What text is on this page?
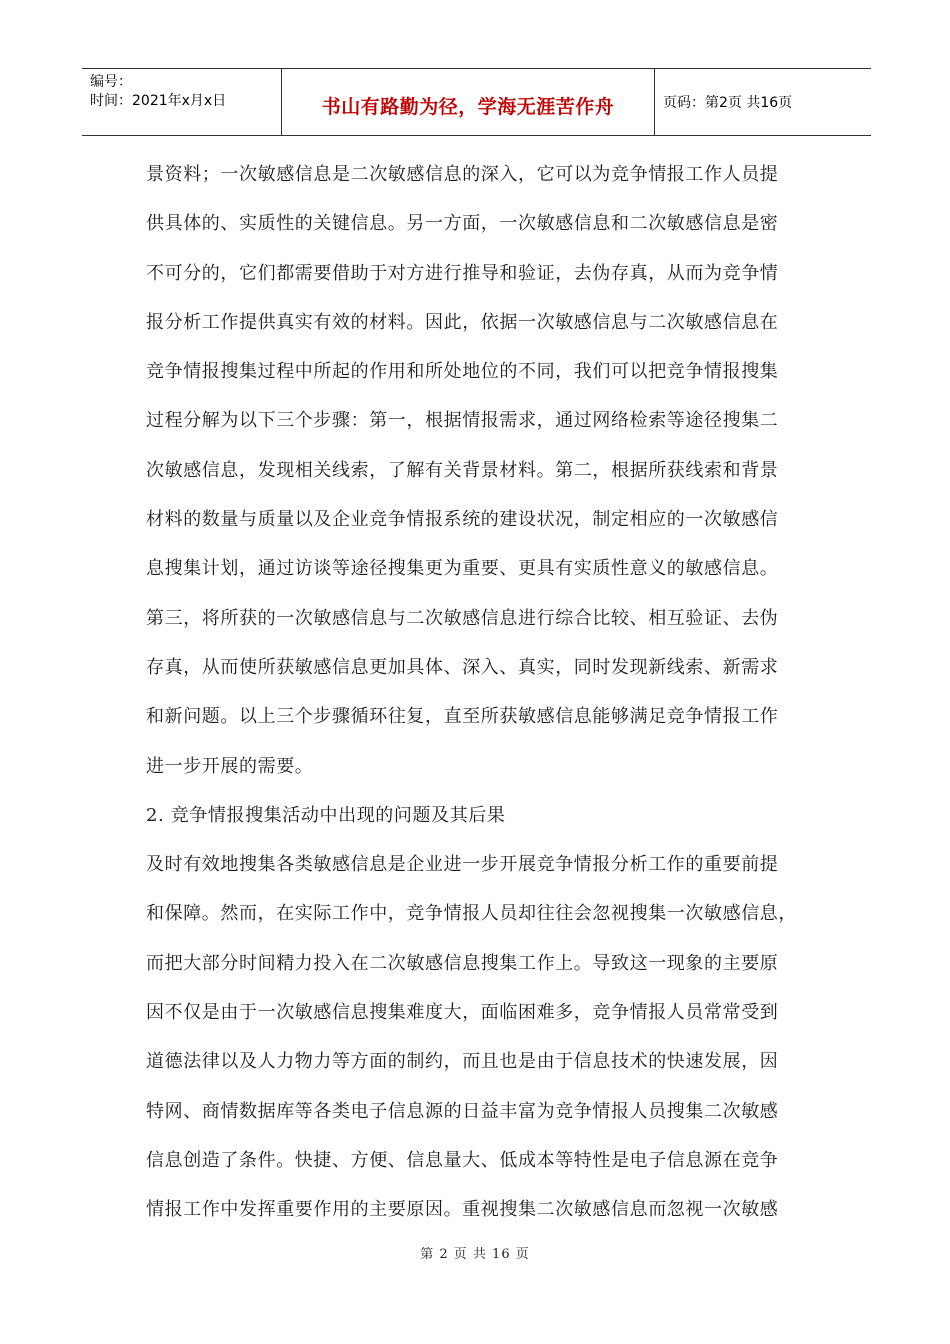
编号：
时间：2021年x月x日	书山有路勤为径，学海无涯苦作舟	页码：第2页 共16页
景资料；一次敏感信息是二次敏感信息的深入，它可以为竞争情报工作人员提
供具体的、实质性的关键信息。另一方面，一次敏感信息和二次敏感信息是密
不可分的，它们都需要借助于对方进行推导和验证，去伪存真，从而为竞争情
报分析工作提供真实有效的材料。因此，依据一次敏感信息与二次敏感信息在
竞争情报搜集过程中所起的作用和所处地位的不同，我们可以把竞争情报搜集
过程分解为以下三个步骤：第一，根据情报需求，通过网络检索等途径搜集二
次敏感信息，发现相关线索，了解有关背景材料。第二，根据所获线索和背景
材料的数量与质量以及企业竞争情报系统的建设状况，制定相应的一次敏感信
息搜集计划，通过访谈等途径搜集更为重要、更具有实质性意义的敏感信息。
第三，将所获的一次敏感信息与二次敏感信息进行综合比较、相互验证、去伪
存真，从而使所获敏感信息更加具体、深入、真实，同时发现新线索、新需求
和新问题。以上三个步骤循环往复，直至所获敏感信息能够满足竞争情报工作
进一步开展的需要。
2. 竞争情报搜集活动中出现的问题及其后果
及时有效地搜集各类敏感信息是企业进一步开展竞争情报分析工作的重要前提
和保障。然而，在实际工作中，竞争情报人员却往往会忽视搜集一次敏感信息，
而把大部分时间精力投入在二次敏感信息搜集工作上。导致这一现象的主要原
因不仅是由于一次敏感信息搜集难度大，面临困难多，竞争情报人员常常受到
道德法律以及人力物力等方面的制约，而且也是由于信息技术的快速发展，因
特网、商情数据库等各类电子信息源的日益丰富为竞争情报人员搜集二次敏感
信息创造了条件。快捷、方便、信息量大、低成本等特性是电子信息源在竞争
情报工作中发挥重要作用的主要原因。重视搜集二次敏感信息而忽视一次敏感
第 2 页 共 16 页
